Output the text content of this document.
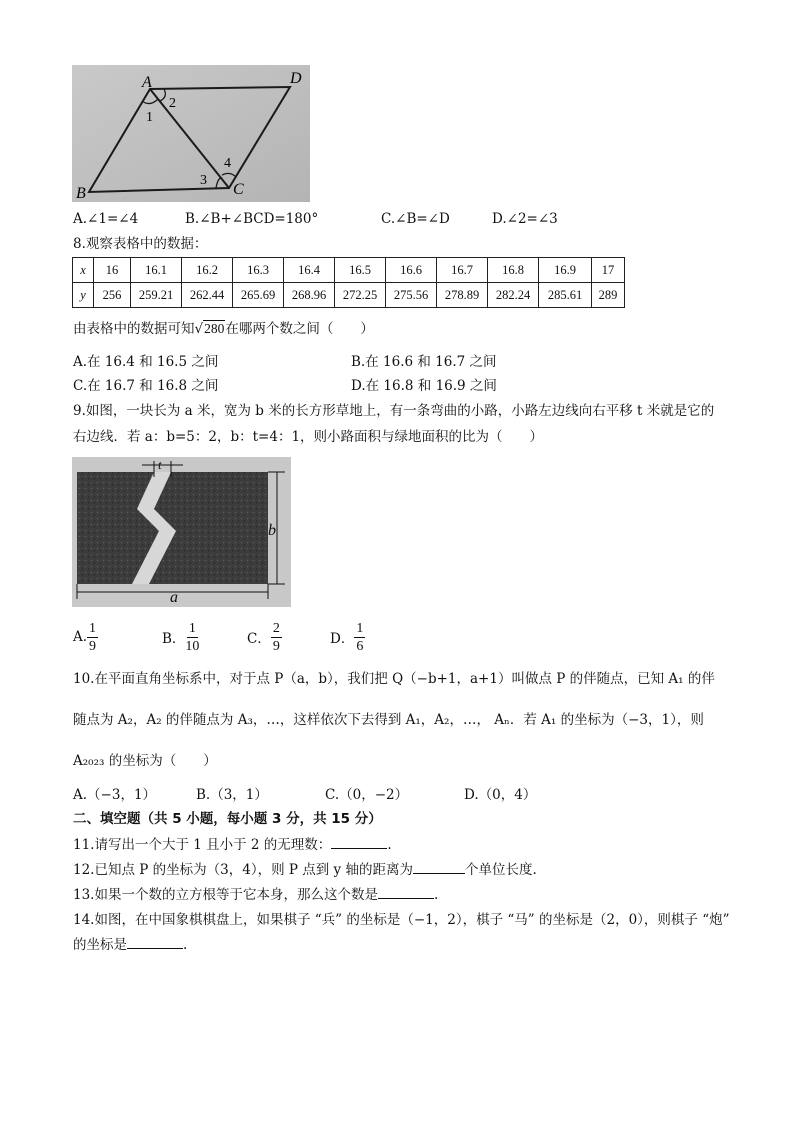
A	D
B	C
1
2
3
4
A.∠1=∠4	B.∠B+∠BCD=180°	C.∠B=∠D	D.∠2=∠3
8.观察表格中的数据：
x	16	16.1	16.2	16.3	16.4	16.5	16.6	16.7	16.8	16.9	17
y	256	259.21	262.44	265.69	268.96	272.25	275.56	278.89	282.24	285.61	289
由表格中的数据可知√280在哪两个数之间（　　）
A.在 16.4 和 16.5 之间	B.在 16.6 和 16.7 之间
C.在 16.7 和 16.8 之间	D.在 16.8 和 16.9 之间
9.如图，一块长为 a 米，宽为 b 米的长方形草地上，有一条弯曲的小路，小路左边线向右平移 t 米就是它的
右边线．若 a：b=5：2，b：t=4：1，则小路面积与绿地面积的比为（　　）
t
b
a
A. $\frac{1}{9}$	B． $\frac{1}{10}$	C． $\frac{2}{9}$	D． $\frac{1}{6}$
10.在平面直角坐标系中，对于点 P（a，b），我们把 Q（−b+1，a+1）叫做点 P 的伴随点，已知 A₁ 的伴
随点为 A₂，A₂ 的伴随点为 A₃，…，这样依次下去得到 A₁，A₂，…， Aₙ．若 A₁ 的坐标为（−3，1），则
A₂₀₂₃ 的坐标为（　　）
A.（−3，1）	B.（3，1）	C.（0，−2）	D.（0，4）
二、填空题（共 5 小题，每小题 3 分，共 15 分）
11.请写出一个大于 1 且小于 2 的无理数：	.
12.已知点 P 的坐标为（3，4），则 P 点到 y 轴的距离为	个单位长度.
13.如果一个数的立方根等于它本身，那么这个数是	.
14.如图，在中国象棋棋盘上，如果棋子 “兵” 的坐标是（−1，2），棋子 “马” 的坐标是（2，0），则棋子 “炮”
的坐标是	.
